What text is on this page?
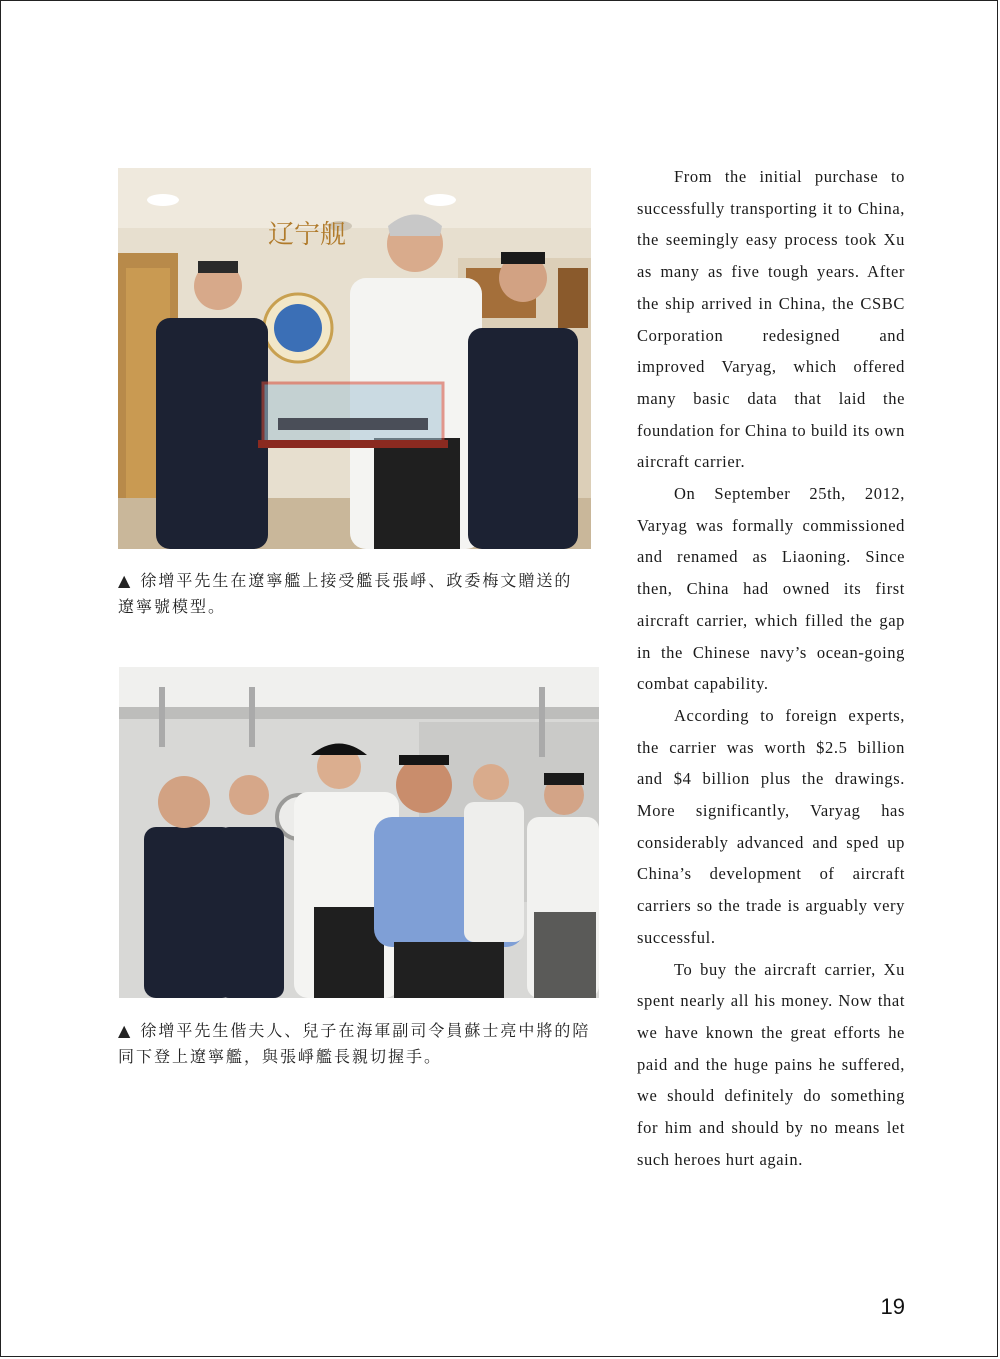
辽宁舰
▲ 徐增平先生在遼寧艦上接受艦長張崢、政委梅文贈送的遼寧號模型。
▲ 徐增平先生偕夫人、兒子在海軍副司令員蘇士亮中將的陪同下登上遼寧艦，與張崢艦長親切握手。

From the initial purchase to successfully transporting it to China, the seemingly easy process took Xu as many as five tough years. After the ship arrived in China, the CSBC Corporation redesigned and improved Varyag, which offered many basic data that laid the foundation for China to build its own aircraft carrier.

On September 25th, 2012, Varyag was formally commissioned and renamed as Liaoning. Since then, China had owned its first aircraft carrier, which filled the gap in the Chinese navy’s ocean-going combat capability.

According to foreign experts, the carrier was worth $2.5 billion and $4 billion plus the drawings. More significantly, Varyag has considerably advanced and sped up China’s development of aircraft carriers so the trade is arguably very successful.

To buy the aircraft carrier, Xu spent nearly all his money. Now that we have known the great efforts he paid and the huge pains he suffered, we should definitely do something for him and should by no means let such heroes hurt again.

19
